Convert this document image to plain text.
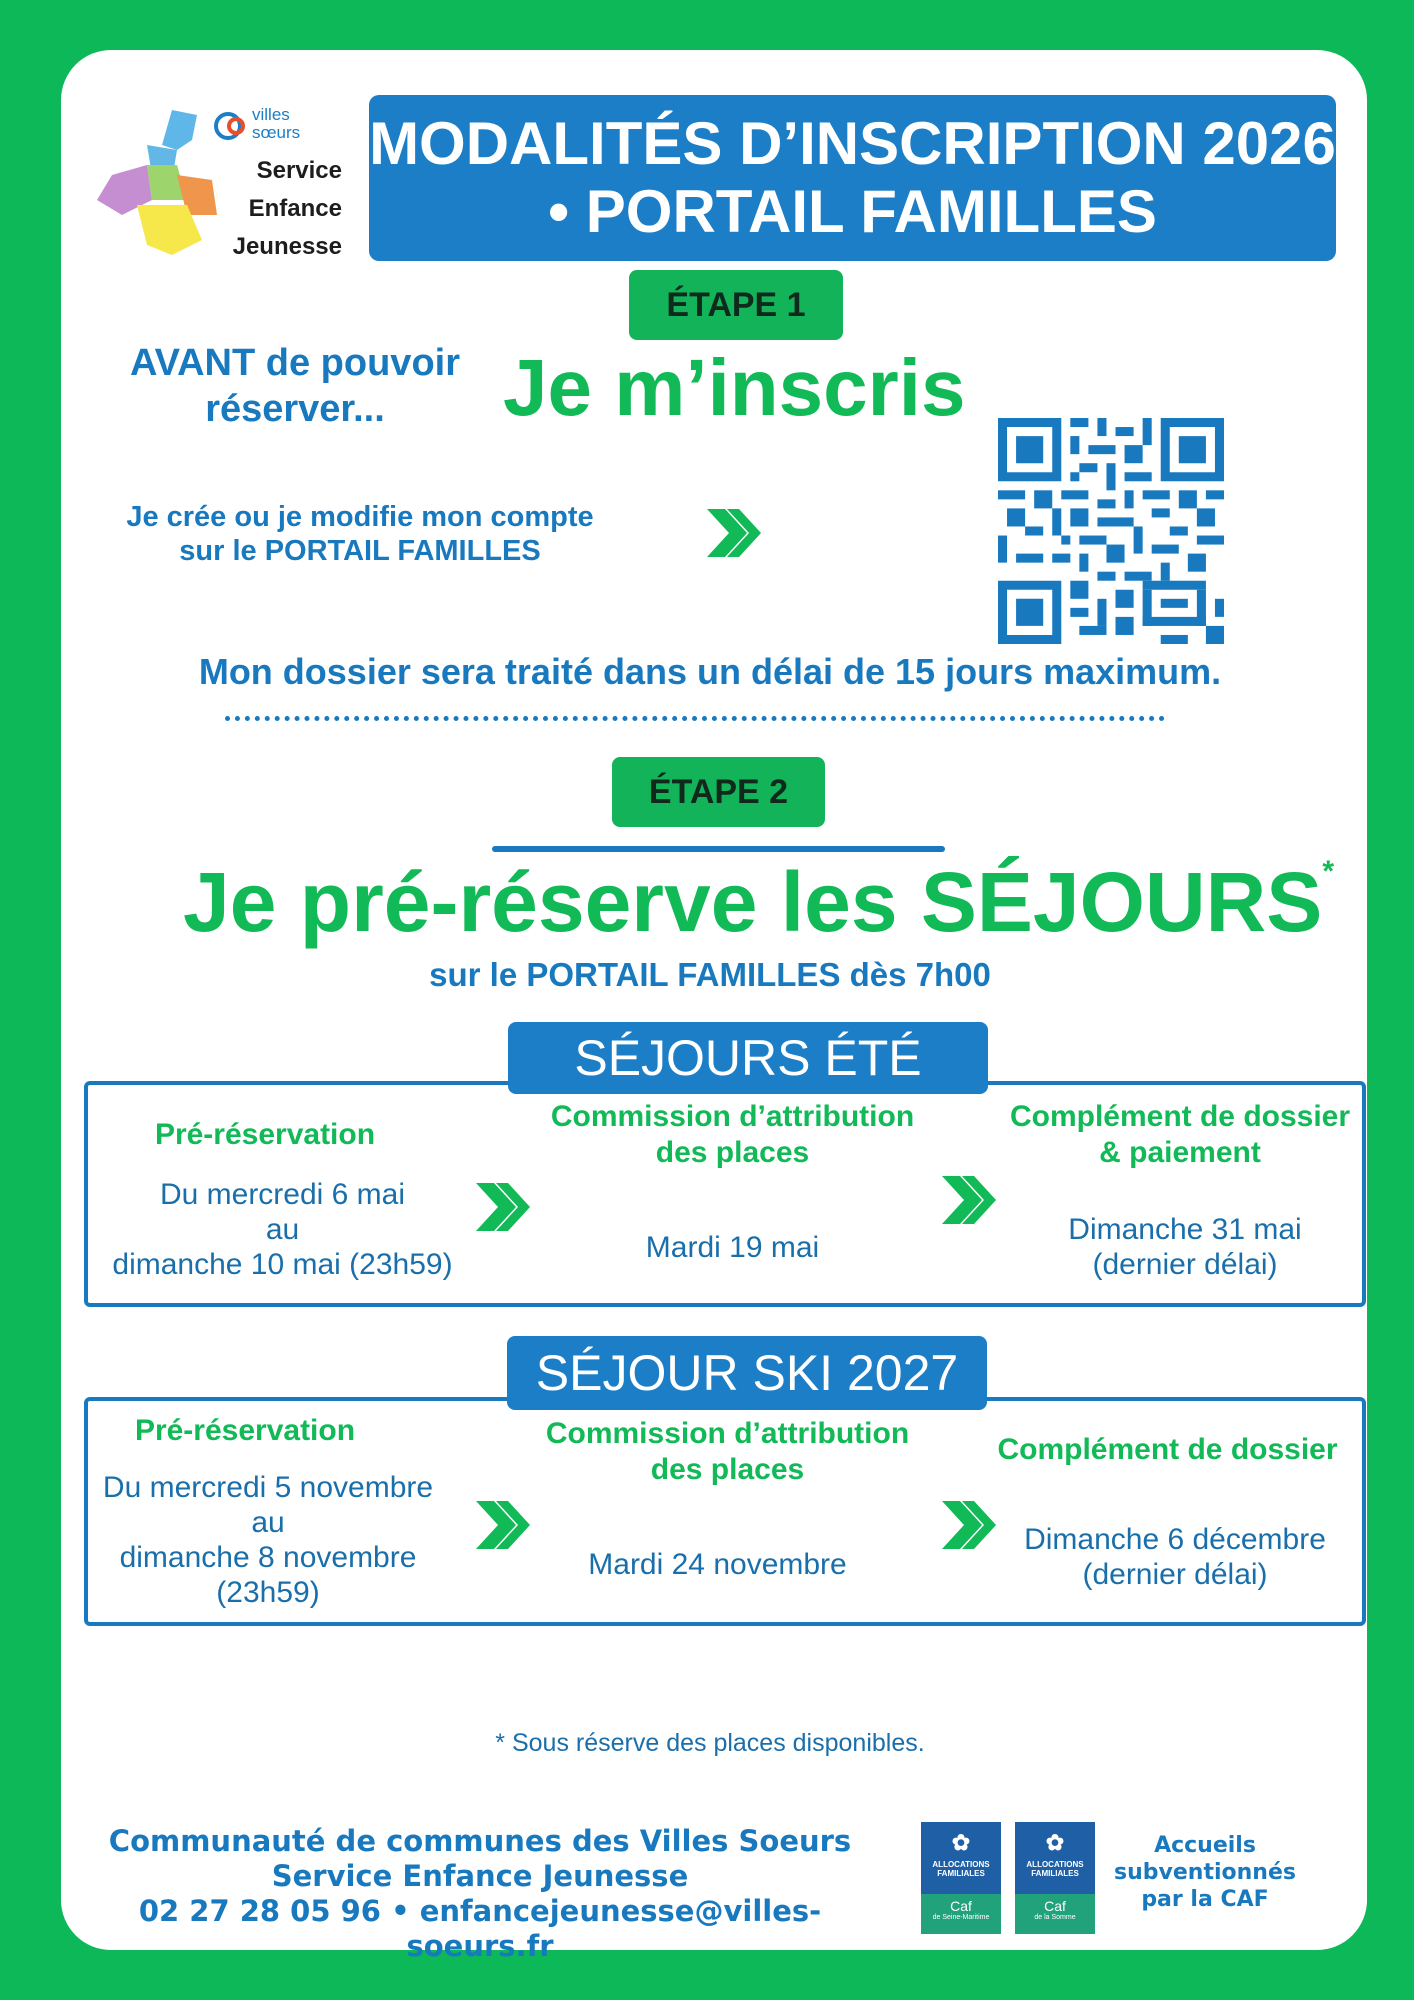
villes
sœurs
Service
Enfance
Jeunesse
MODALITÉS D’INSCRIPTION 2026
• PORTAIL FAMILLES
ÉTAPE 1
AVANT de pouvoir
réserver...	Je m’inscris
Je crée ou je modifie mon compte
sur le PORTAIL FAMILLES
Mon dossier sera traité dans un délai de 15 jours maximum.
ÉTAPE 2
Je pré-réserve les SÉJOURS*
sur le PORTAIL FAMILLES dès 7h00
SÉJOURS ÉTÉ
Pré-réservation
Du mercredi 6 mai
au
dimanche 10 mai (23h59)
Commission d’attribution
des places
Mardi 19 mai
Complément de dossier
& paiement
Dimanche 31 mai
(dernier délai)
SÉJOUR SKI 2027
Pré-réservation
Du mercredi 5 novembre
au
dimanche 8 novembre
(23h59)
Commission d’attribution
des places
Mardi 24 novembre
Complément de dossier
Dimanche 6 décembre
(dernier délai)
* Sous réserve des places disponibles.
Communauté de communes des Villes Soeurs
Service Enfance Jeunesse
02 27 28 05 96 • enfancejeunesse@villes-soeurs.fr
✿
ALLOCATIONS FAMILIALES
Caf
de Seine-Maritime
✿
ALLOCATIONS FAMILIALES
Caf
de la Somme
Accueils
subventionnés
par la CAF
